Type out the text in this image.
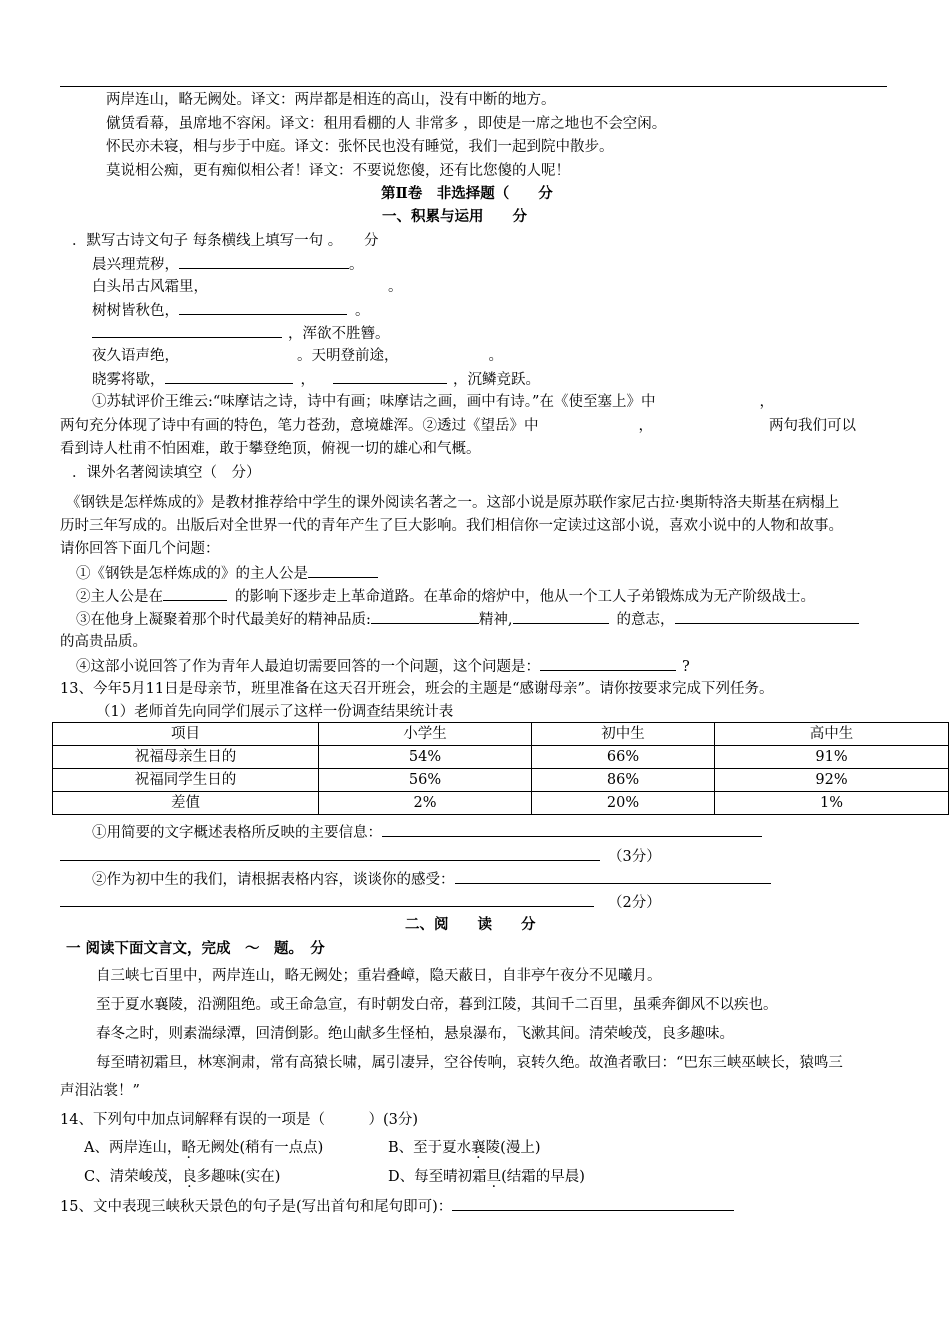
两岸连山，略无阙处。译文：两岸都是相连的高山，没有中断的地方。
僦赁看幕，虽席地不容闲。译文：租用看棚的人 非常多 ，即使是一席之地也不会空闲。
怀民亦未寝，相与步于中庭。译文：张怀民也没有睡觉，我们一起到院中散步。
莫说相公痴，更有痴似相公者！译文：不要说您傻，还有比您傻的人呢！
第Ⅱ卷　非选择题（　　分
一、积累与运用　　分
．默写古诗文句子 每条横线上填写一句 。　　分
晨兴理荒秽，	。
白头吊古风霜里，	。
树树皆秋色，	。
，浑欲不胜簪。
夜久语声绝，	。天明登前途，	。
晓雾将歇，	，	，沉鳞竞跃。
①苏轼评价王维云:“味摩诘之诗，诗中有画；味摩诘之画，画中有诗。”在《使至塞上》中	，
两句充分体现了诗中有画的特色，笔力苍劲，意境雄浑。②透过《望岳》中	，	两句我们可以
看到诗人杜甫不怕困难，敢于攀登绝顶，俯视一切的雄心和气概。
．课外名著阅读填空（　分）
《钢铁是怎样炼成的》是教材推荐给中学生的课外阅读名著之一。这部小说是原苏联作家尼古拉·奥斯特洛夫斯基在病榻上
历时三年写成的。出版后对全世界一代的青年产生了巨大影响。我们相信你一定读过这部小说，喜欢小说中的人物和故事。
请你回答下面几个问题：
①《钢铁是怎样炼成的》的主人公是
②主人公是在	的影响下逐步走上革命道路。在革命的熔炉中，他从一个工人子弟锻炼成为无产阶级战士。
③在他身上凝聚着那个时代最美好的精神品质:	精神,	的意志，
的高贵品质。
④这部小说回答了作为青年人最迫切需要回答的一个问题，这个问题是：	?
13、今年5月11日是母亲节，班里准备在这天召开班会，班会的主题是“感谢母亲”。请你按要求完成下列任务。
（1）老师首先向同学们展示了这样一份调查结果统计表
项目	小学生	初中生	高中生
祝福母亲生日的	54%	66%	91%
祝福同学生日的	56%	86%	92%
差值	2%	20%	1%
①用简要的文字概述表格所反映的主要信息：
（3分）
②作为初中生的我们，请根据表格内容，谈谈你的感受：
（2分）
二、阅　　读　　分
一 阅读下面文言文，完成　～　题。　分
自三峡七百里中，两岸连山，略无阙处；重岩叠嶂，隐天蔽日，自非亭午夜分不见曦月。
至于夏水襄陵，沿溯阻绝。或王命急宣，有时朝发白帝，暮到江陵，其间千二百里，虽乘奔御风不以疾也。
春冬之时，则素湍绿潭，回清倒影。绝山献多生怪柏，悬泉瀑布，飞漱其间。清荣峻茂，良多趣味。
每至晴初霜旦，林寒涧肃，常有高猿长啸，属引凄异，空谷传响，哀转久绝。故渔者歌曰：“巴东三峡巫峡长，猿鸣三
声泪沾裳！”
14、下列句中加点词解释有误的一项是（　　　）(3分)
A、两岸连山，略无阙处(稍有一点点)	B、至于夏水襄陵(漫上)
C、清荣峻茂，良多趣味(实在)	D、每至晴初霜旦(结霜的早晨)
15、文中表现三峡秋天景色的句子是(写出首句和尾句即可)：
